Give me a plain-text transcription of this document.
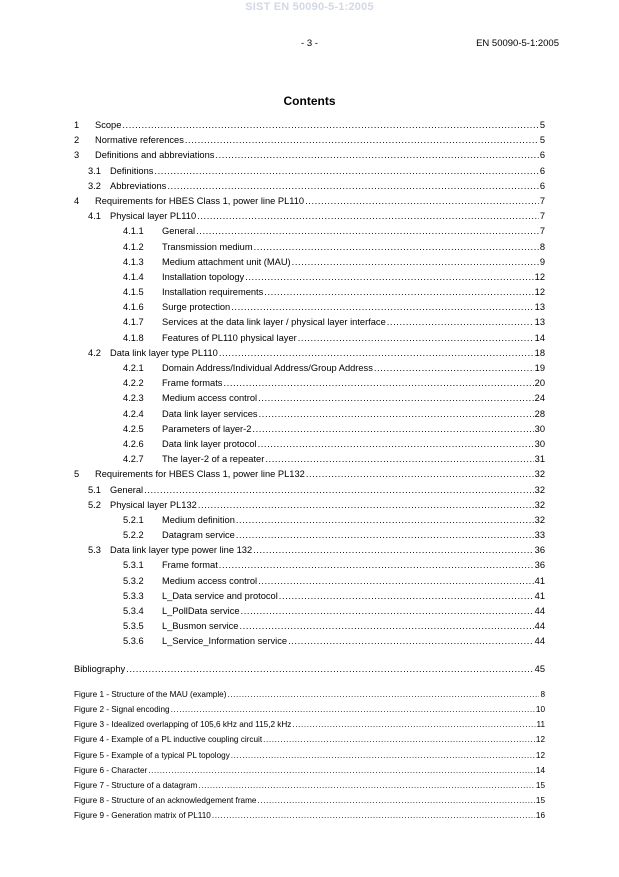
SIST EN 50090-5-1:2005
- 3 -	EN 50090-5-1:2005
Contents
1	Scope .....	5
2	Normative references .....	5
3	Definitions and abbreviations .....	6
3.1 Definitions .....	6
3.2 Abbreviations .....	6
4	Requirements for HBES Class 1, power line PL110 .....	7
4.1 Physical layer PL110 .....	7
4.1.1	General .....	7
4.1.2	Transmission medium .....	8
4.1.3	Medium attachment unit (MAU) .....	9
4.1.4	Installation topology .....	12
4.1.5	Installation requirements .....	12
4.1.6	Surge protection .....	13
4.1.7	Services at the data link layer / physical layer interface .....	13
4.1.8	Features of PL110 physical layer .....	14
4.2 Data link layer type PL110 .....	18
4.2.1	Domain Address/Individual Address/Group Address .....	19
4.2.2	Frame formats .....	20
4.2.3	Medium access control .....	24
4.2.4	Data link layer services .....	28
4.2.5	Parameters of layer-2 .....	30
4.2.6	Data link layer protocol .....	30
4.2.7	The layer-2 of a repeater .....	31
5	Requirements for HBES Class 1, power line PL132 .....	32
5.1 General .....	32
5.2 Physical layer PL132 .....	32
5.2.1	Medium definition .....	32
5.2.2	Datagram service .....	33
5.3 Data link layer type power line 132 .....	36
5.3.1	Frame format .....	36
5.3.2	Medium access control .....	41
5.3.3	L_Data service and protocol .....	41
5.3.4	L_PollData service .....	44
5.3.5	L_Busmon service .....	44
5.3.6	L_Service_Information service .....	44
Bibliography .....	45
Figure 1 - Structure of the MAU (example) .....	8
Figure 2 - Signal encoding .....	10
Figure 3 - Idealized overlapping of 105,6 kHz and 115,2 kHz .....	11
Figure 4 - Example of a PL inductive coupling circuit .....	12
Figure 5 - Example of a typical PL topology .....	12
Figure 6 - Character .....	14
Figure 7 - Structure of a datagram .....	15
Figure 8 - Structure of an acknowledgement frame .....	15
Figure 9 - Generation matrix of PL110 .....	16
